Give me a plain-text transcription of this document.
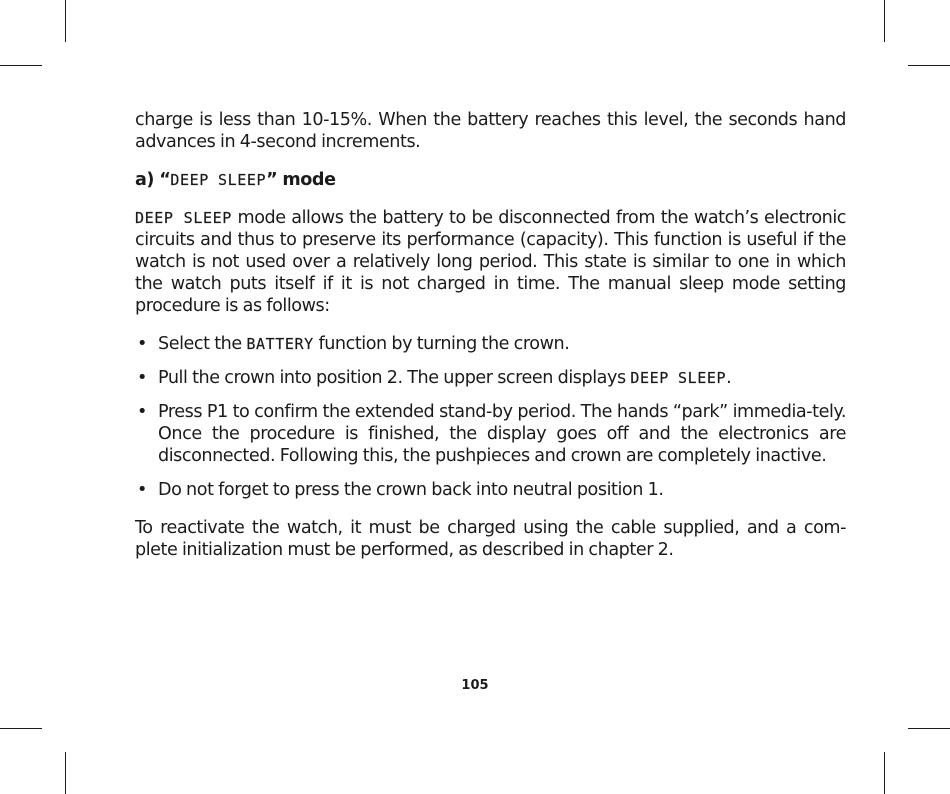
charge is less than 10-15%. When the battery reaches this level, the seconds hand advances in 4-second increments.

a) “DEEP SLEEP” mode

DEEP SLEEP mode allows the battery to be disconnected from the watch’s electronic circuits and thus to preserve its performance (capacity). This function is useful if the watch is not used over a relatively long period. This state is similar to one in which the watch puts itself if it is not charged in time. The manual sleep mode setting procedure is as follows:

• Select the BATTERY function by turning the crown.
• Pull the crown into position 2. The upper screen displays DEEP SLEEP.
• Press P1 to confirm the extended stand-by period. The hands “park” immedia-tely. Once the procedure is finished, the display goes off and the electronics are disconnected. Following this, the pushpieces and crown are completely inactive.
• Do not forget to press the crown back into neutral position 1.

To reactivate the watch, it must be charged using the cable supplied, and a com-plete initialization must be performed, as described in chapter 2.

105
